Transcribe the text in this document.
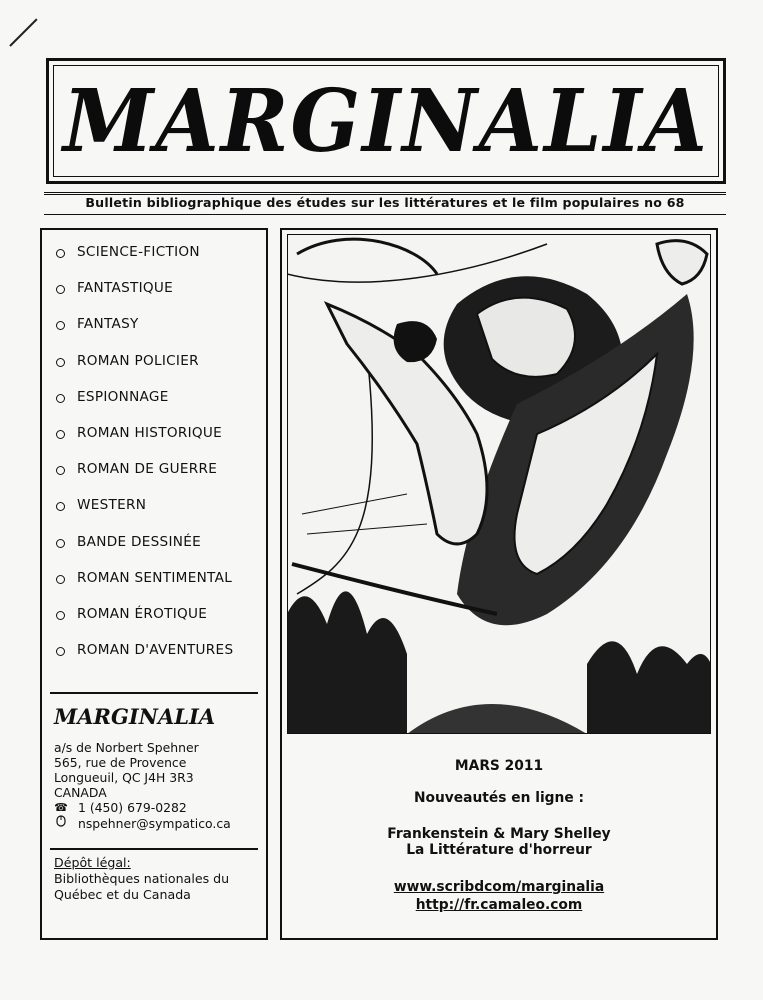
MARGINALIA
Bulletin bibliographique des études sur les littératures et le film populaires no 68
SCIENCE-FICTION
FANTASTIQUE
FANTASY
ROMAN POLICIER
ESPIONNAGE
ROMAN HISTORIQUE
ROMAN DE GUERRE
WESTERN
BANDE DESSINÉE
ROMAN SENTIMENTAL
ROMAN ÉROTIQUE
ROMAN D'AVENTURES
MARGINALIA
a/s de Norbert Spehner
565, rue de Provence
Longueuil, QC J4H 3R3
CANADA
☎ 1 (450) 679-0282
nspehner@sympatico.ca
Dépôt légal:
Bibliothèques nationales du
Québec et du Canada
MARS 2011
Nouveautés en ligne :
Frankenstein & Mary Shelley
La Littérature d'horreur
www.scribdcom/marginalia
http://fr.camaleo.com
